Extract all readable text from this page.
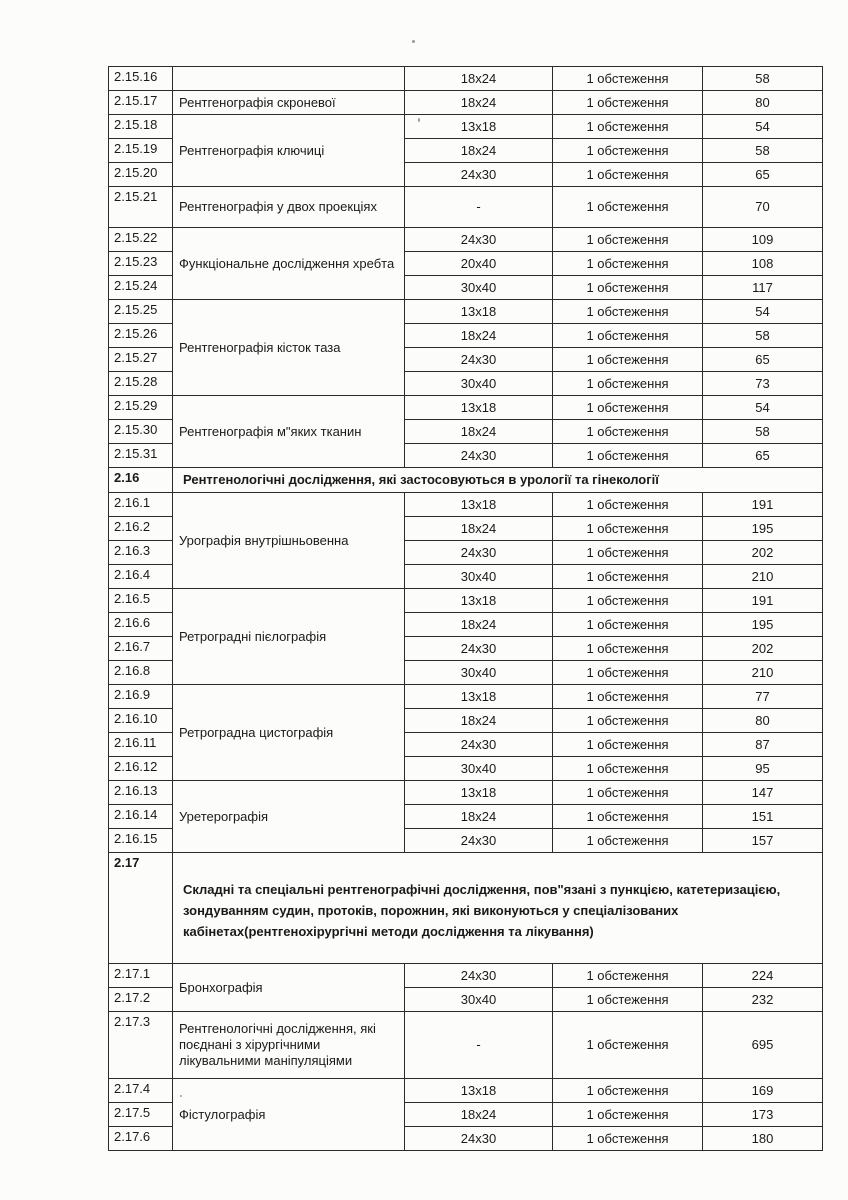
2.15.16		18x24	1 обстеження	58
2.15.17	Рентгенографія скроневої	18x24	1 обстеження	80
2.15.18	Рентгенографія ключиці	13x18	1 обстеження	54
2.15.19		18x24	1 обстеження	58
2.15.20		24x30	1 обстеження	65
2.15.21	Рентгенографія у двох проекціях	-	1 обстеження	70
2.15.22	Функціональне дослідження хребта	24x30	1 обстеження	109
2.15.23		20x40	1 обстеження	108
2.15.24		30x40	1 обстеження	117
2.15.25	Рентгенографія кісток таза	13x18	1 обстеження	54
2.15.26		18x24	1 обстеження	58
2.15.27		24x30	1 обстеження	65
2.15.28		30x40	1 обстеження	73
2.15.29	Рентгенографія м"яких тканин	13x18	1 обстеження	54
2.15.30		18x24	1 обстеження	58
2.15.31		24x30	1 обстеження	65
2.16	Рентгенологічні дослідження, які застосовуються в урології та гінекології			
2.16.1	Урографія внутрішньовенна	13x18	1 обстеження	191
2.16.2		18x24	1 обстеження	195
2.16.3		24x30	1 обстеження	202
2.16.4		30x40	1 обстеження	210
2.16.5	Ретроградні пієлографія	13x18	1 обстеження	191
2.16.6		18x24	1 обстеження	195
2.16.7		24x30	1 обстеження	202
2.16.8		30x40	1 обстеження	210
2.16.9	Ретроградна цистографія	13x18	1 обстеження	77
2.16.10		18x24	1 обстеження	80
2.16.11		24x30	1 обстеження	87
2.16.12		30x40	1 обстеження	95
2.16.13	Уретерографія	13x18	1 обстеження	147
2.16.14		18x24	1 обстеження	151
2.16.15		24x30	1 обстеження	157
2.17	Складні та спеціальні рентгенографічні дослідження, пов"язані з пункцією, катетеризацією, зондуванням судин, протоків, порожнин, які виконуються у спеціалізованих кабінетах(рентгенохірургічні методи дослідження та лікування)			
2.17.1	Бронхографія	24x30	1 обстеження	224
2.17.2		30x40	1 обстеження	232
2.17.3	Рентгенологічні дослідження, які поєднані з хірургічними лікувальними маніпуляціями	-	1 обстеження	695
2.17.4	Фістулографія	13x18	1 обстеження	169
2.17.5		18x24	1 обстеження	173
2.17.6		24x30	1 обстеження	180
